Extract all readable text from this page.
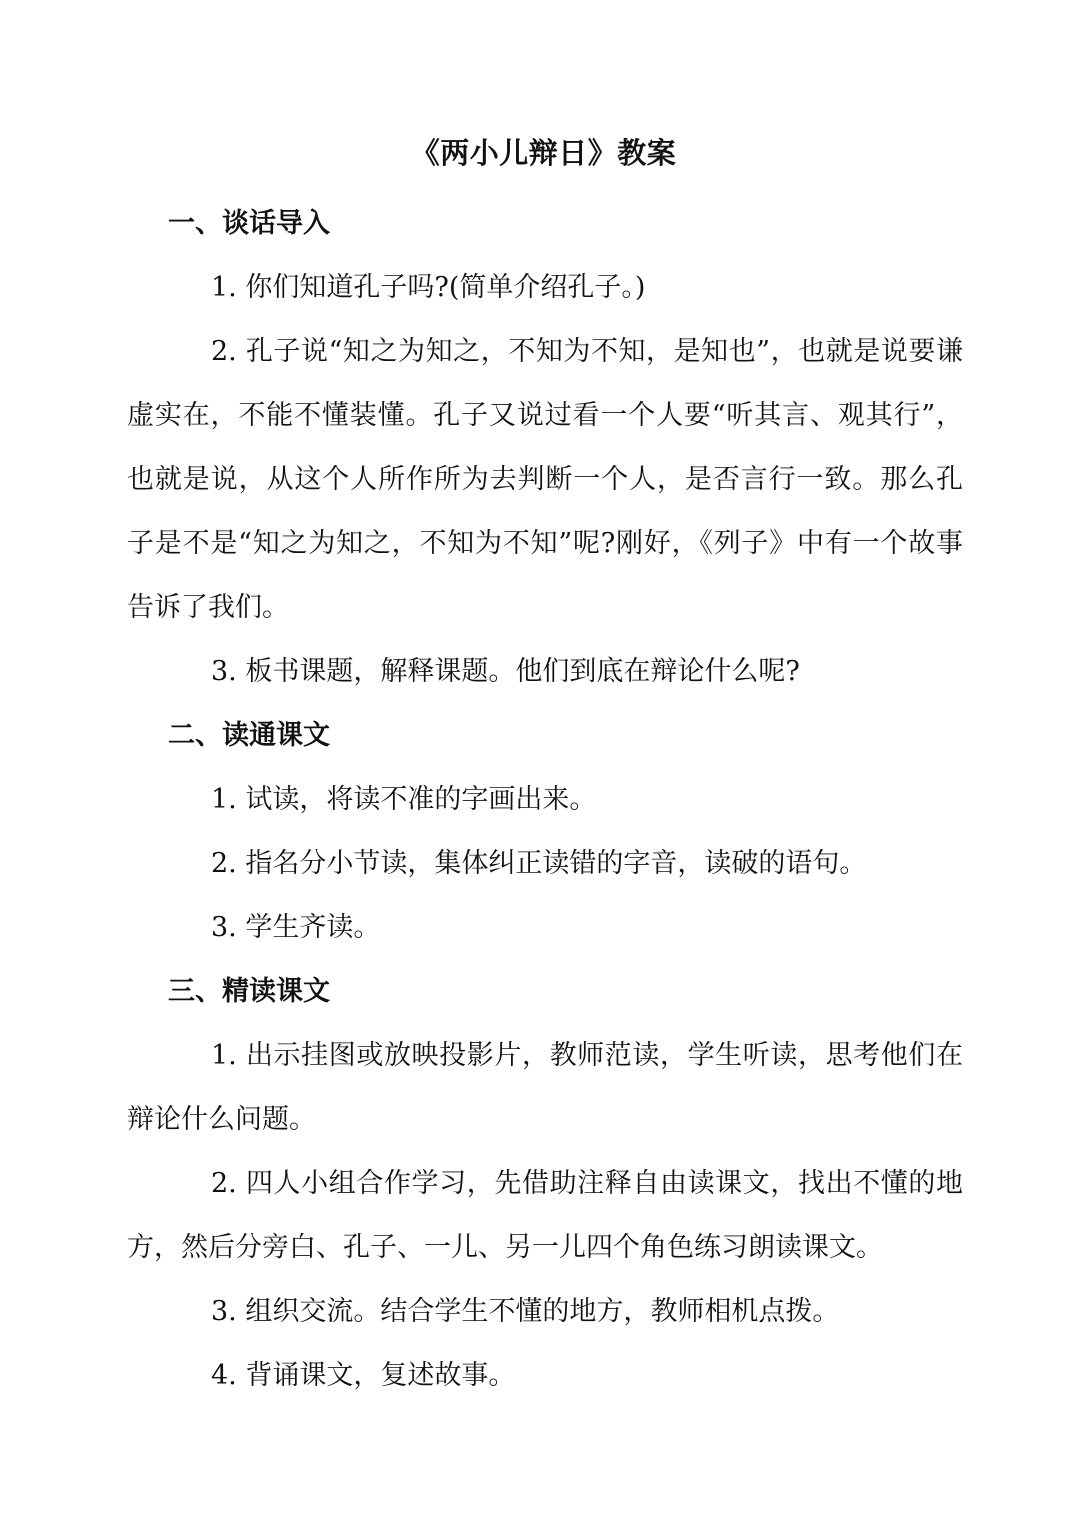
《两小儿辩日》教案
一、谈话导入

1. 你们知道孔子吗?(简单介绍孔子。)

2. 孔子说“知之为知之，不知为不知，是知也”，也就是说要谦虚实在，不能不懂装懂。孔子又说过看一个人要“听其言、观其行”，也就是说，从这个人所作所为去判断一个人，是否言行一致。那么孔子是不是“知之为知之，不知为不知”呢?刚好，《列子》中有一个故事告诉了我们。

3. 板书课题，解释课题。他们到底在辩论什么呢?

二、读通课文

1. 试读，将读不准的字画出来。

2. 指名分小节读，集体纠正读错的字音，读破的语句。

3. 学生齐读。

三、精读课文

1. 出示挂图或放映投影片，教师范读，学生听读，思考他们在辩论什么问题。

2. 四人小组合作学习，先借助注释自由读课文，找出不懂的地方，然后分旁白、孔子、一儿、另一儿四个角色练习朗读课文。

3. 组织交流。结合学生不懂的地方，教师相机点拨。

4. 背诵课文，复述故事。
